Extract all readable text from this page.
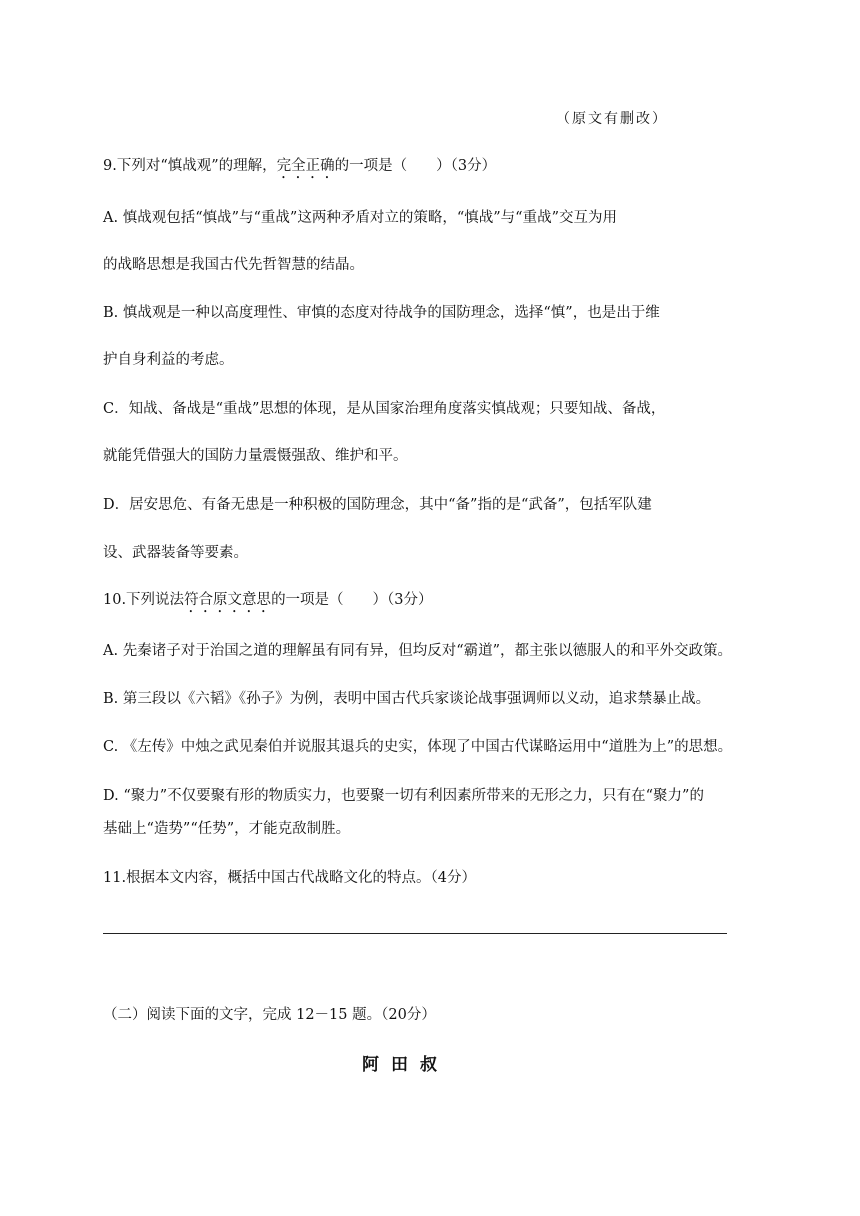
（原文有删改）
9.下列对“慎战观”的理解，完全正确的一项是（　　）（3分）
A. 慎战观包括“慎战”与“重战”这两种矛盾对立的策略，“慎战”与“重战”交互为用
的战略思想是我国古代先哲智慧的结晶。
B. 慎战观是一种以高度理性、审慎的态度对待战争的国防理念，选择“慎”，也是出于维
护自身利益的考虑。
C．知战、备战是“重战”思想的体现，是从国家治理角度落实慎战观；只要知战、备战，
就能凭借强大的国防力量震慑强敌、维护和平。
D．居安思危、有备无患是一种积极的国防理念，其中“备”指的是“武备”，包括军队建
设、武器装备等要素。
10.下列说法符合原文意思的一项是（　　）（3分）
A. 先秦诸子对于治国之道的理解虽有同有异，但均反对“霸道”，都主张以德服人的和平外交政策。
B. 第三段以《六韬》《孙子》为例，表明中国古代兵家谈论战事强调师以义动，追求禁暴止战。
C. 《左传》中烛之武见秦伯并说服其退兵的史实，体现了中国古代谋略运用中“道胜为上”的思想。
D. “聚力”不仅要聚有形的物质实力，也要聚一切有利因素所带来的无形之力，只有在“聚力”的
基础上“造势”“任势”，才能克敌制胜。
11.根据本文内容，概括中国古代战略文化的特点。（4分）
（二）阅读下面的文字，完成 12－15 题。（20分）
阿田叔
